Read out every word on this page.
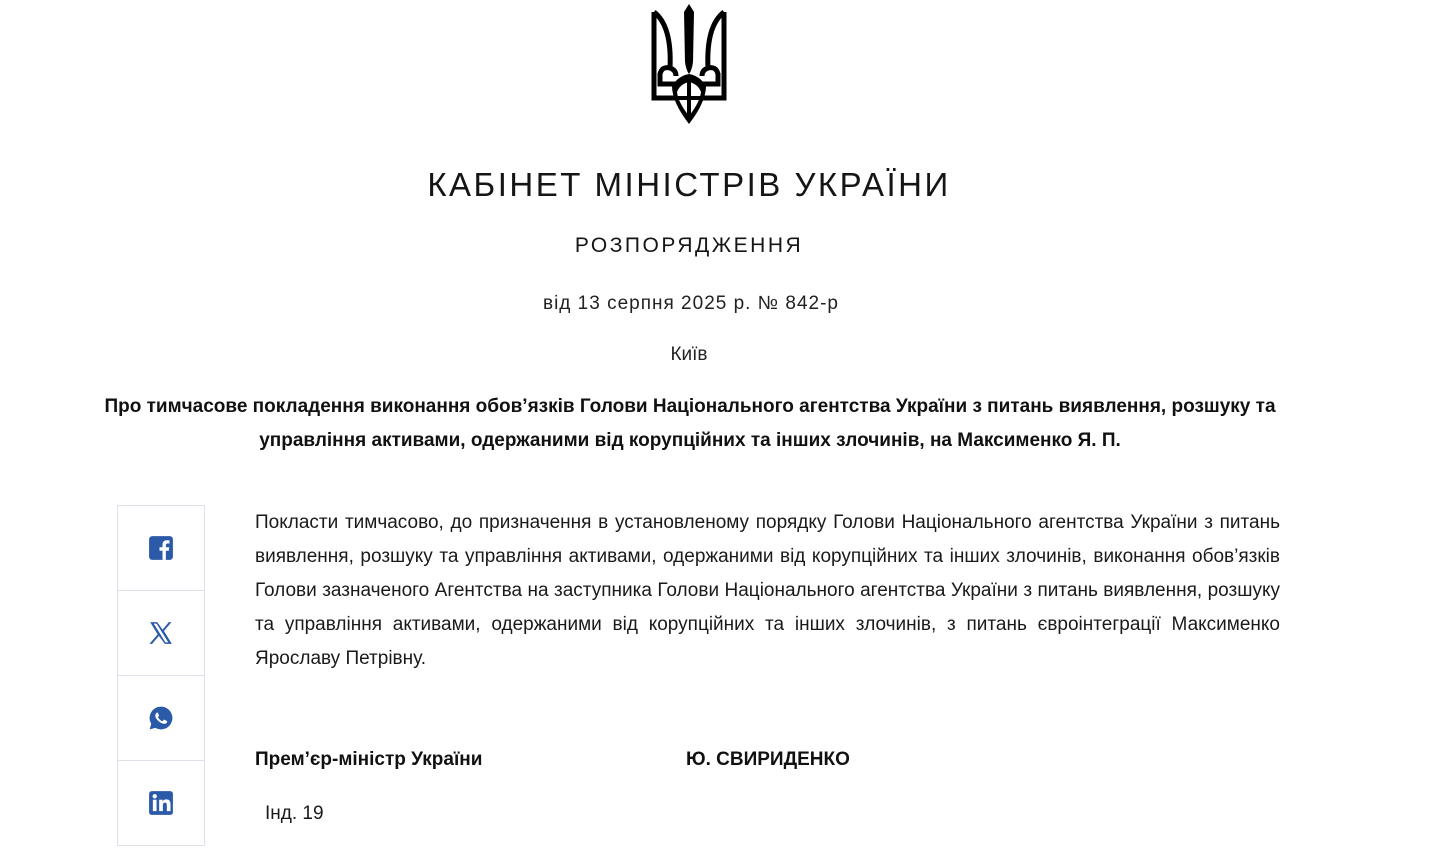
КАБІНЕТ МІНІСТРІВ УКРАЇНИ
РОЗПОРЯДЖЕННЯ
від 13 серпня 2025 р. № 842-р
Київ
Про тимчасове покладення виконання обов’язків Голови Національного агентства України з питань виявлення, розшуку та управління активами, одержаними від корупційних та інших злочинів, на Максименко Я. П.
Покласти тимчасово, до призначення в установленому порядку Голови Національного агентства України з питань виявлення, розшуку та управління активами, одержаними від корупційних та інших злочинів, виконання обов’язків Голови зазначеного Агентства на заступника Голови Національного агентства України з питань виявлення, розшуку та управління активами, одержаними від корупційних та інших злочинів, з питань євроінтеграції Максименко Ярославу Петрівну.
Прем’єр-міністр України	Ю. СВИРИДЕНКО
Інд. 19
